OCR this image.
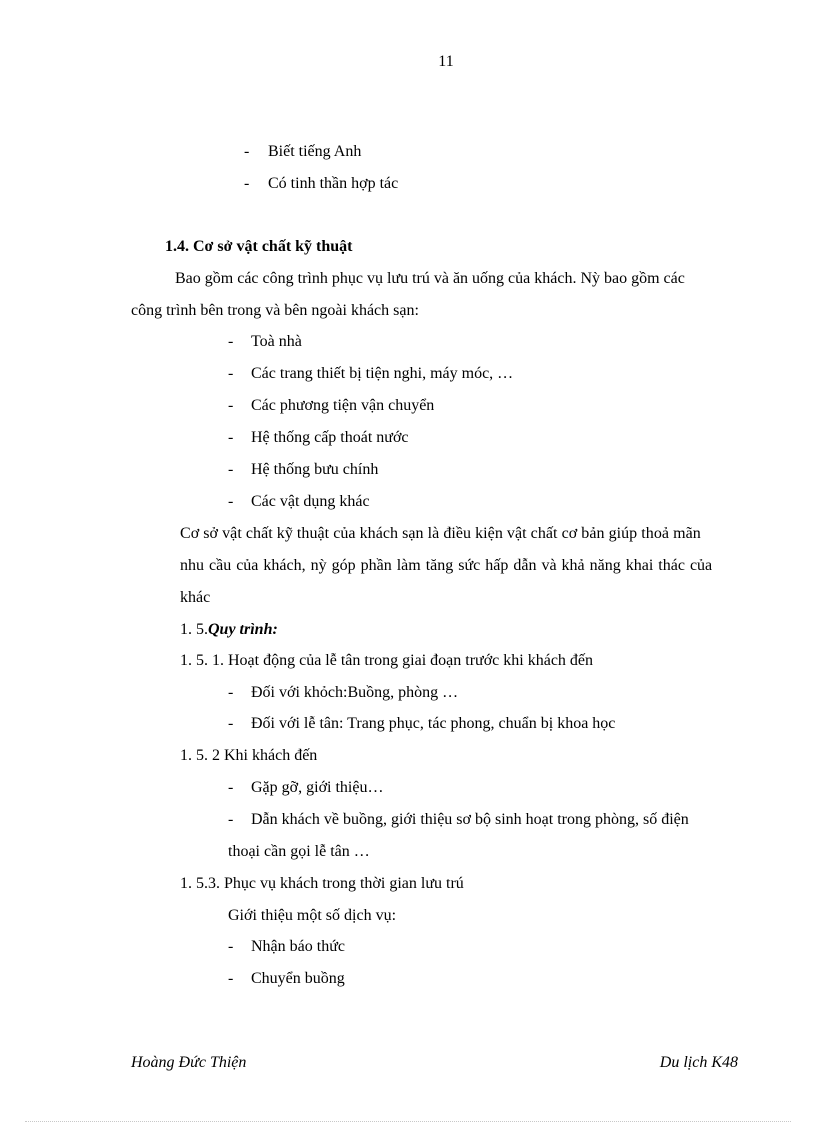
11
- Biết tiếng Anh
- Có tinh thần hợp tác
1.4. Cơ sở vật chất kỹ thuật
Bao gồm các công trình phục vụ lưu trú và ăn uống của khách. Nỳ bao gồm các
công trình bên trong và bên ngoài khách sạn:
- Toà nhà
- Các trang thiết bị tiện nghi, máy móc, …
- Các phương tiện vận chuyển
- Hệ thống cấp thoát nước
- Hệ thống bưu chính
- Các vật dụng khác
Cơ sở vật chất kỹ thuật của khách sạn là điều kiện vật chất cơ bản giúp thoả mãn
nhu cầu của khách, nỳ góp phần làm tăng sức hấp dẫn và khả năng khai thác của
khác
1. 5.Quy trình:
1. 5. 1. Hoạt động của lễ tân trong giai đoạn trước khi khách đến
- Đối với khỏch:Buồng, phòng …
- Đối với lễ tân: Trang phục, tác phong, chuẩn bị khoa học
1. 5. 2 Khi khách đến
- Gặp gỡ, giới thiệu…
- Dẫn khách về buồng, giới thiệu sơ bộ sinh hoạt trong phòng, số điện
thoại cần gọi lễ tân …
1. 5.3. Phục vụ khách trong thời gian lưu trú
Giới thiệu một số dịch vụ:
- Nhận báo thức
- Chuyển buồng
Hoàng Đức Thiện	Du lịch K48
